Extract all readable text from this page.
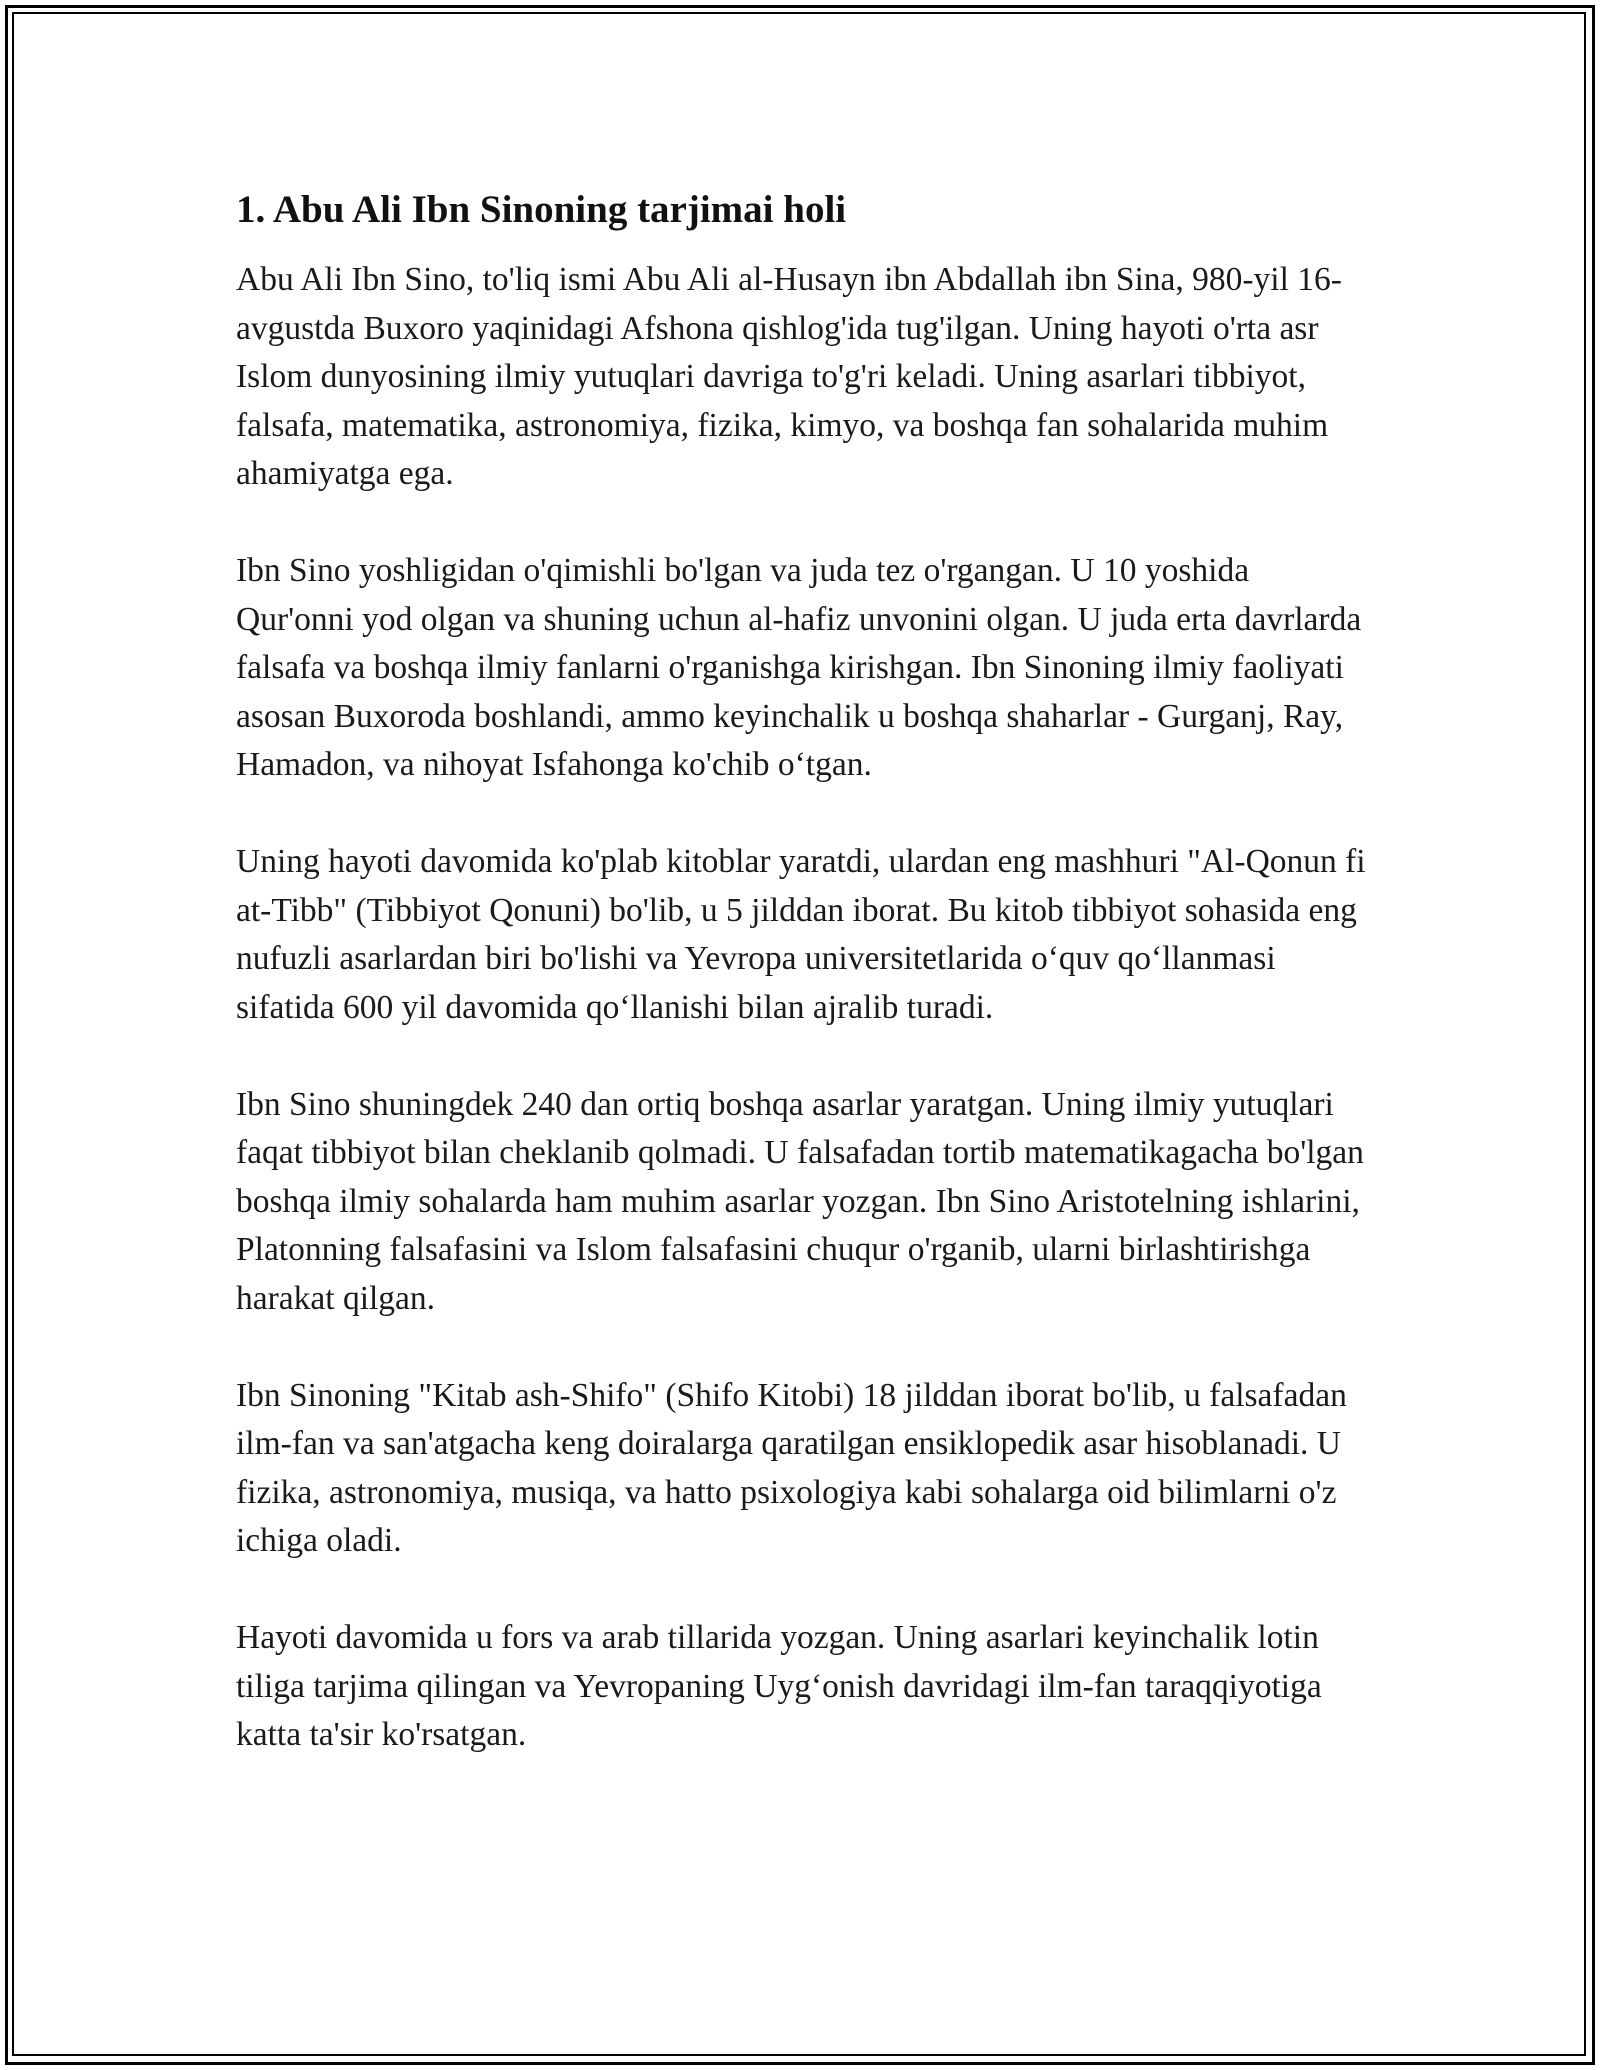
1. Abu Ali Ibn Sinoning tarjimai holi

Abu Ali Ibn Sino, to'liq ismi Abu Ali al-Husayn ibn Abdallah ibn Sina, 980-yil 16-avgustda Buxoro yaqinidagi Afshona qishlog'ida tug'ilgan. Uning hayoti o'rta asr Islom dunyosining ilmiy yutuqlari davriga to'g'ri keladi. Uning asarlari tibbiyot, falsafa, matematika, astronomiya, fizika, kimyo, va boshqa fan sohalarida muhim ahamiyatga ega.

Ibn Sino yoshligidan o'qimishli bo'lgan va juda tez o'rgangan. U 10 yoshida Qur'onni yod olgan va shuning uchun al-hafiz unvonini olgan. U juda erta davrlarda falsafa va boshqa ilmiy fanlarni o'rganishga kirishgan. Ibn Sinoning ilmiy faoliyati asosan Buxoroda boshlandi, ammo keyinchalik u boshqa shaharlar - Gurganj, Ray, Hamadon, va nihoyat Isfahonga ko'chib o‘tgan.

Uning hayoti davomida ko'plab kitoblar yaratdi, ulardan eng mashhuri "Al-Qonun fi at-Tibb" (Tibbiyot Qonuni) bo'lib, u 5 jilddan iborat. Bu kitob tibbiyot sohasida eng nufuzli asarlardan biri bo'lishi va Yevropa universitetlarida o‘quv qo‘llanmasi sifatida 600 yil davomida qo‘llanishi bilan ajralib turadi.

Ibn Sino shuningdek 240 dan ortiq boshqa asarlar yaratgan. Uning ilmiy yutuqlari faqat tibbiyot bilan cheklanib qolmadi. U falsafadan tortib matematikagacha bo'lgan boshqa ilmiy sohalarda ham muhim asarlar yozgan. Ibn Sino Aristotelning ishlarini, Platonning falsafasini va Islom falsafasini chuqur o'rganib, ularni birlashtirishga harakat qilgan.

Ibn Sinoning "Kitab ash-Shifo" (Shifo Kitobi) 18 jilddan iborat bo'lib, u falsafadan ilm-fan va san'atgacha keng doiralarga qaratilgan ensiklopedik asar hisoblanadi. U fizika, astronomiya, musiqa, va hatto psixologiya kabi sohalarga oid bilimlarni o'z ichiga oladi.

Hayoti davomida u fors va arab tillarida yozgan. Uning asarlari keyinchalik lotin tiliga tarjima qilingan va Yevropaning Uyg‘onish davridagi ilm-fan taraqqiyotiga katta ta'sir ko'rsatgan.
